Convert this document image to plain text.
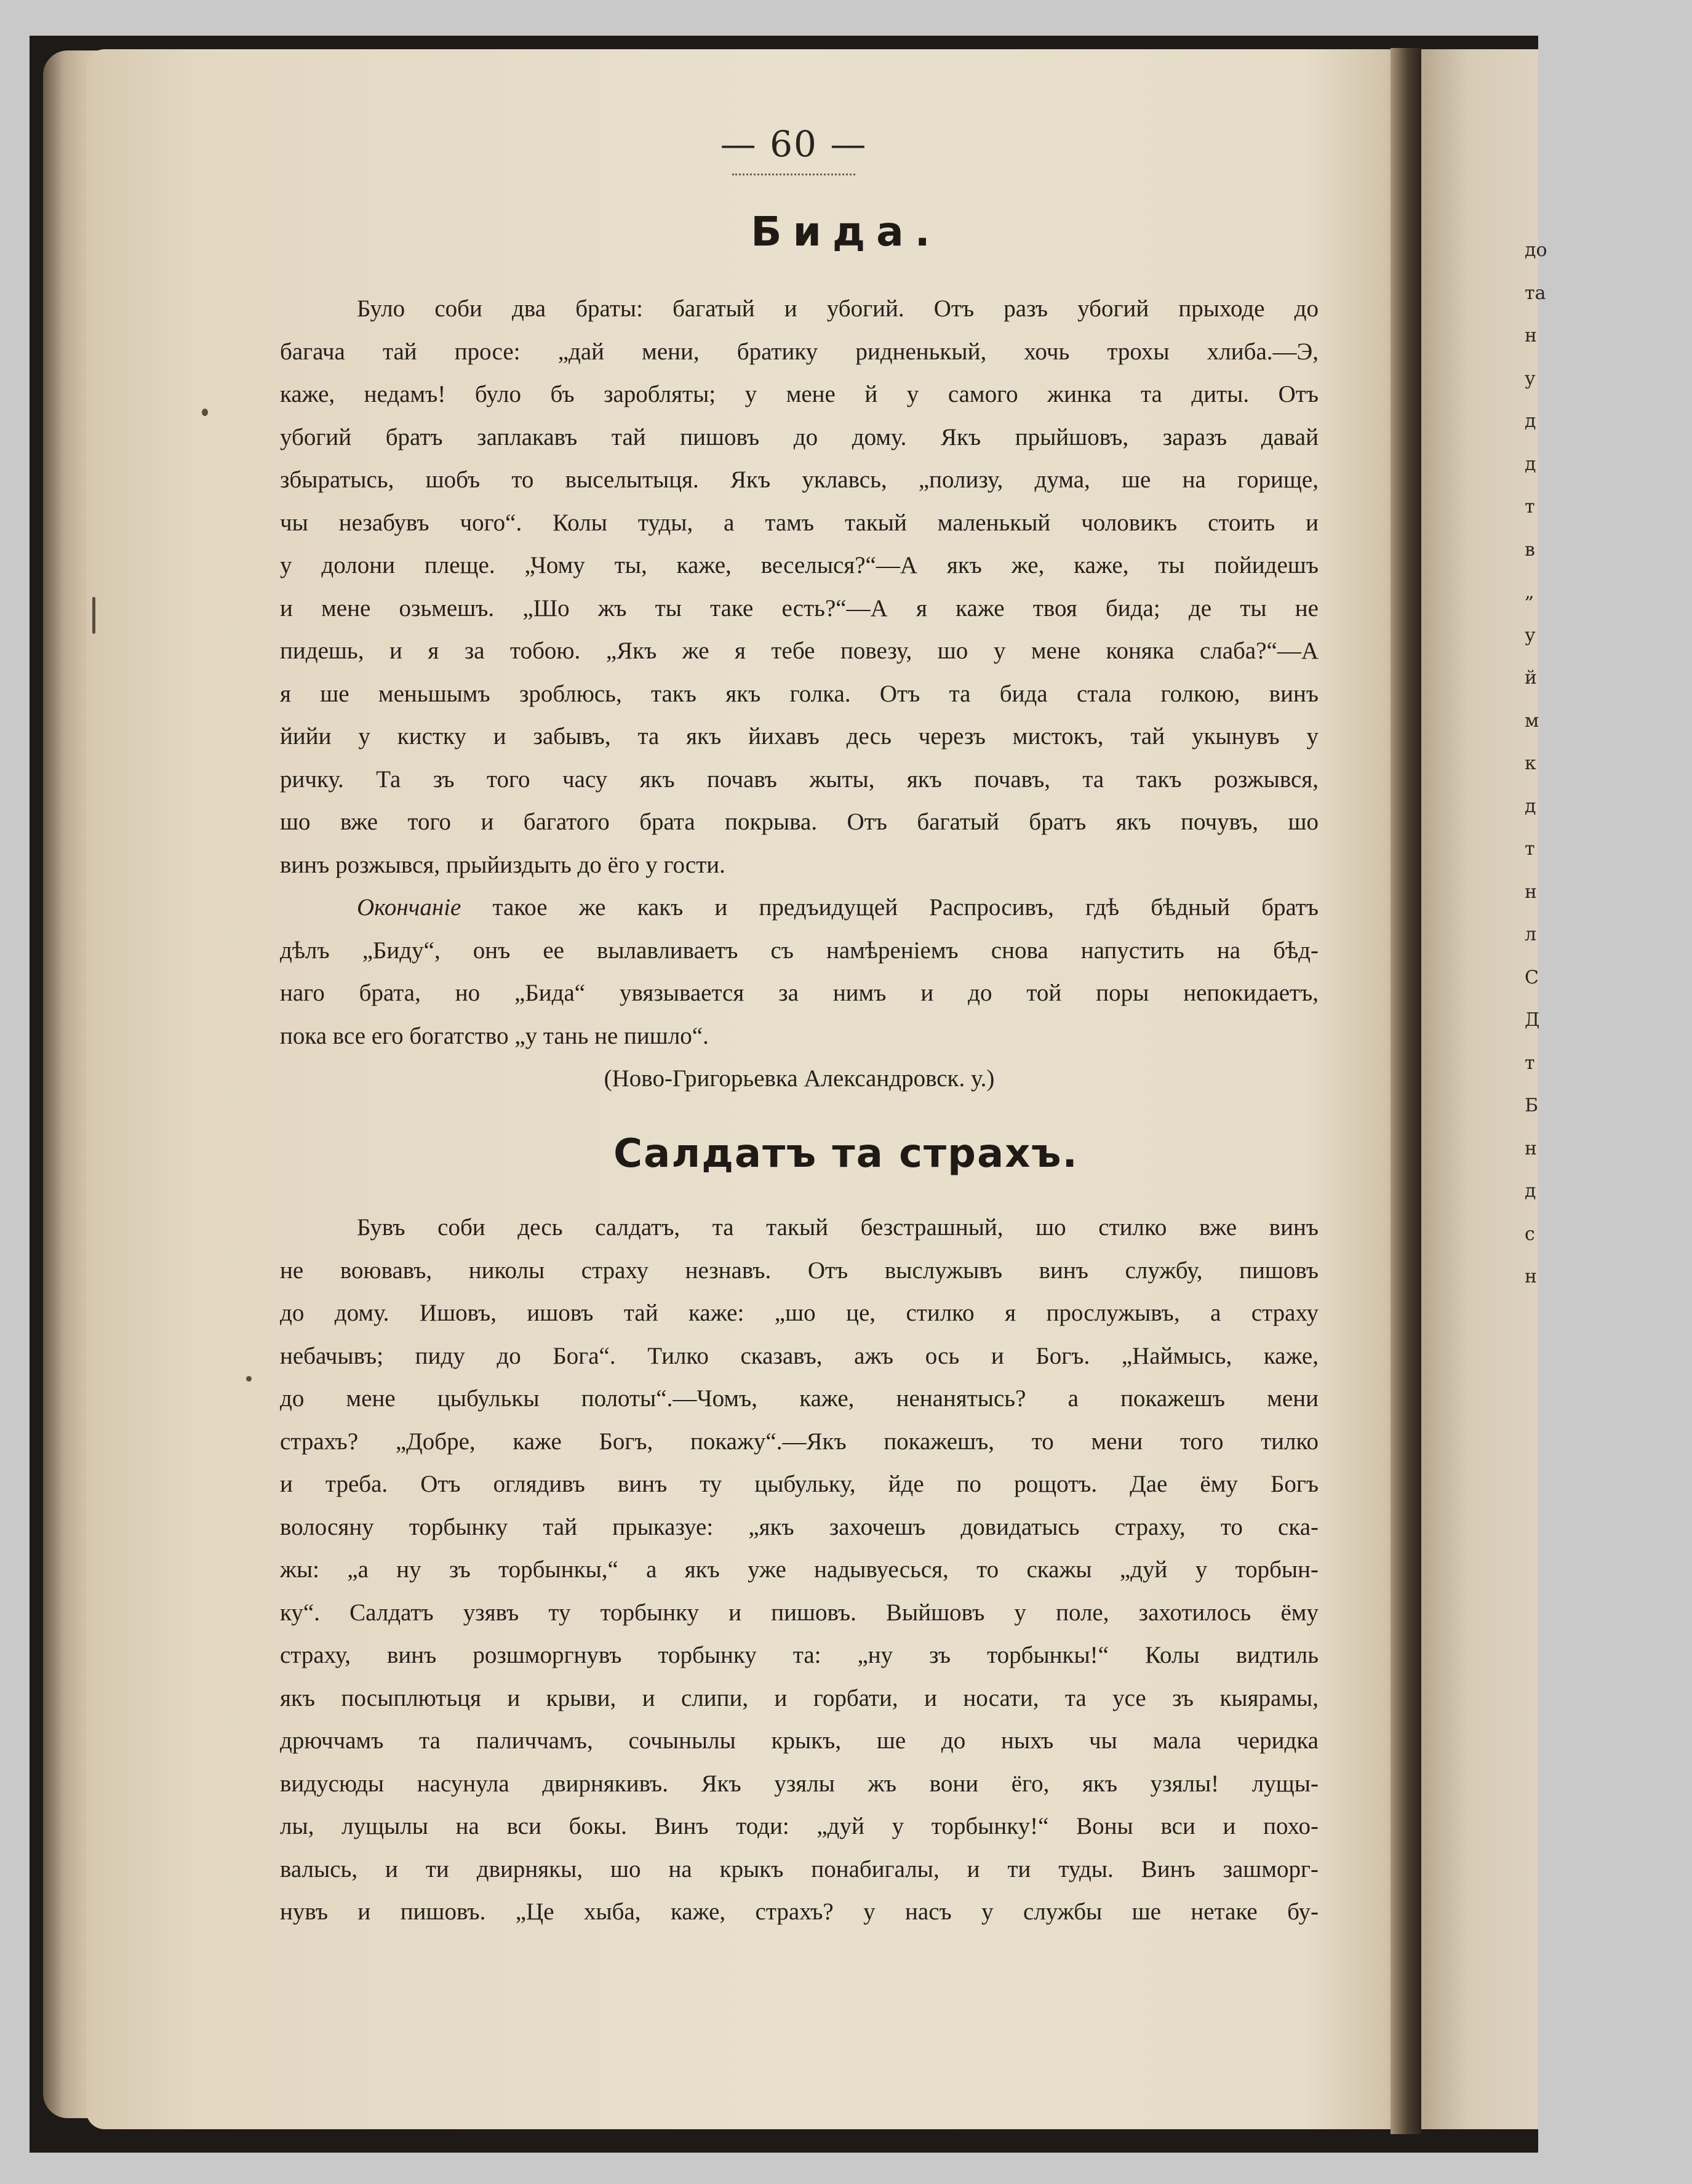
до
та
н
у
д
д
т
в
„
у
й
м
к
д
т
н
л
С
Д
т
Б
н
д
с
н
— 60 —
Бида.
Було соби два браты: багатый и убогий. Отъ разъ убогий прыходе до
багача тай просе: „дай мени, братику ридненькый, хочь трохы хлиба.—Э,
каже, недамъ! було бъ заробляты; у мене й у самого жинка та диты. Отъ
убогий братъ заплакавъ тай пишовъ до дому. Якъ прыйшовъ, заразъ давай
збыратысь, шобъ то выселытыця. Якъ уклавсь, „полизу, дума, ше на горище,
чы незабувъ чого“. Колы туды, а тамъ такый маленькый чоловикъ стоить и
у долони плеще. „Чому ты, каже, веселыся?“—А якъ же, каже, ты пойидешъ
и мене озьмешъ. „Шо жъ ты таке есть?“—А я каже твоя бида; де ты не
пидешь, и я за тобою. „Якъ же я тебе повезу, шо у мене коняка слаба?“—А
я ше меньшымъ зроблюсь, такъ якъ голка. Отъ та бида стала голкою, винъ
йийи у кистку и забывъ, та якъ йихавъ десь черезъ мистокъ, тай укынувъ у
ричку. Та зъ того часу якъ почавъ жыты, якъ почавъ, та такъ розжывся,
шо вже того и багатого брата покрыва. Отъ багатый братъ якъ почувъ, шо
винъ розжывся, прыйиздыть до ёго у гости.
Окончаніе такое же какъ и предъидущей Распросивъ, гдѣ бѣдный братъ
дѣлъ „Биду“, онъ ее вылавливаетъ съ намѣреніемъ снова напустить на бѣд-
наго брата, но „Бида“ увязывается за нимъ и до той поры непокидаетъ,
пока все его богатство „у тань не пишло“.
(Ново-Григорьевка Александровск. у.)
Салдатъ та страхъ.
Бувъ соби десь салдатъ, та такый безстрашный, шо стилко вже винъ
не воювавъ, николы страху незнавъ. Отъ выслужывъ винъ службу, пишовъ
до дому. Ишовъ, ишовъ тай каже: „шо це, стилко я прослужывъ, а страху
небачывъ; пиду до Бога“. Тилко сказавъ, ажъ ось и Богъ. „Наймысь, каже,
до мене цыбулькы полоты“.—Чомъ, каже, ненанятысь? а покажешъ мени
страхъ? „Добре, каже Богъ, покажу“.—Якъ покажешъ, то мени того тилко
и треба. Отъ оглядивъ винъ ту цыбульку, йде по рощотъ. Дае ёму Богъ
волосяну торбынку тай прыказуе: „якъ захочешъ довидатысь страху, то ска-
жы: „а ну зъ торбынкы,“ а якъ уже надывуесься, то скажы „дуй у торбын-
ку“. Салдатъ узявъ ту торбынку и пишовъ. Выйшовъ у поле, захотилось ёму
страху, винъ розшморгнувъ торбынку та: „ну зъ торбынкы!“ Колы видтиль
якъ посыплютьця и крыви, и слипи, и горбати, и носати, та усе зъ кыярамы,
дрюччамъ та паличчамъ, сочынылы крыкъ, ше до ныхъ чы мала черидка
видусюды насунула двирнякивъ. Якъ узялы жъ вони ёго, якъ узялы! лущы-
лы, лущылы на вси бокы. Винъ тоди: „дуй у торбынку!“ Воны вси и похо-
валысь, и ти двирнякы, шо на крыкъ понабигалы, и ти туды. Винъ зашморг-
нувъ и пишовъ. „Це хыба, каже, страхъ? у насъ у службы ше нетаке бу-
